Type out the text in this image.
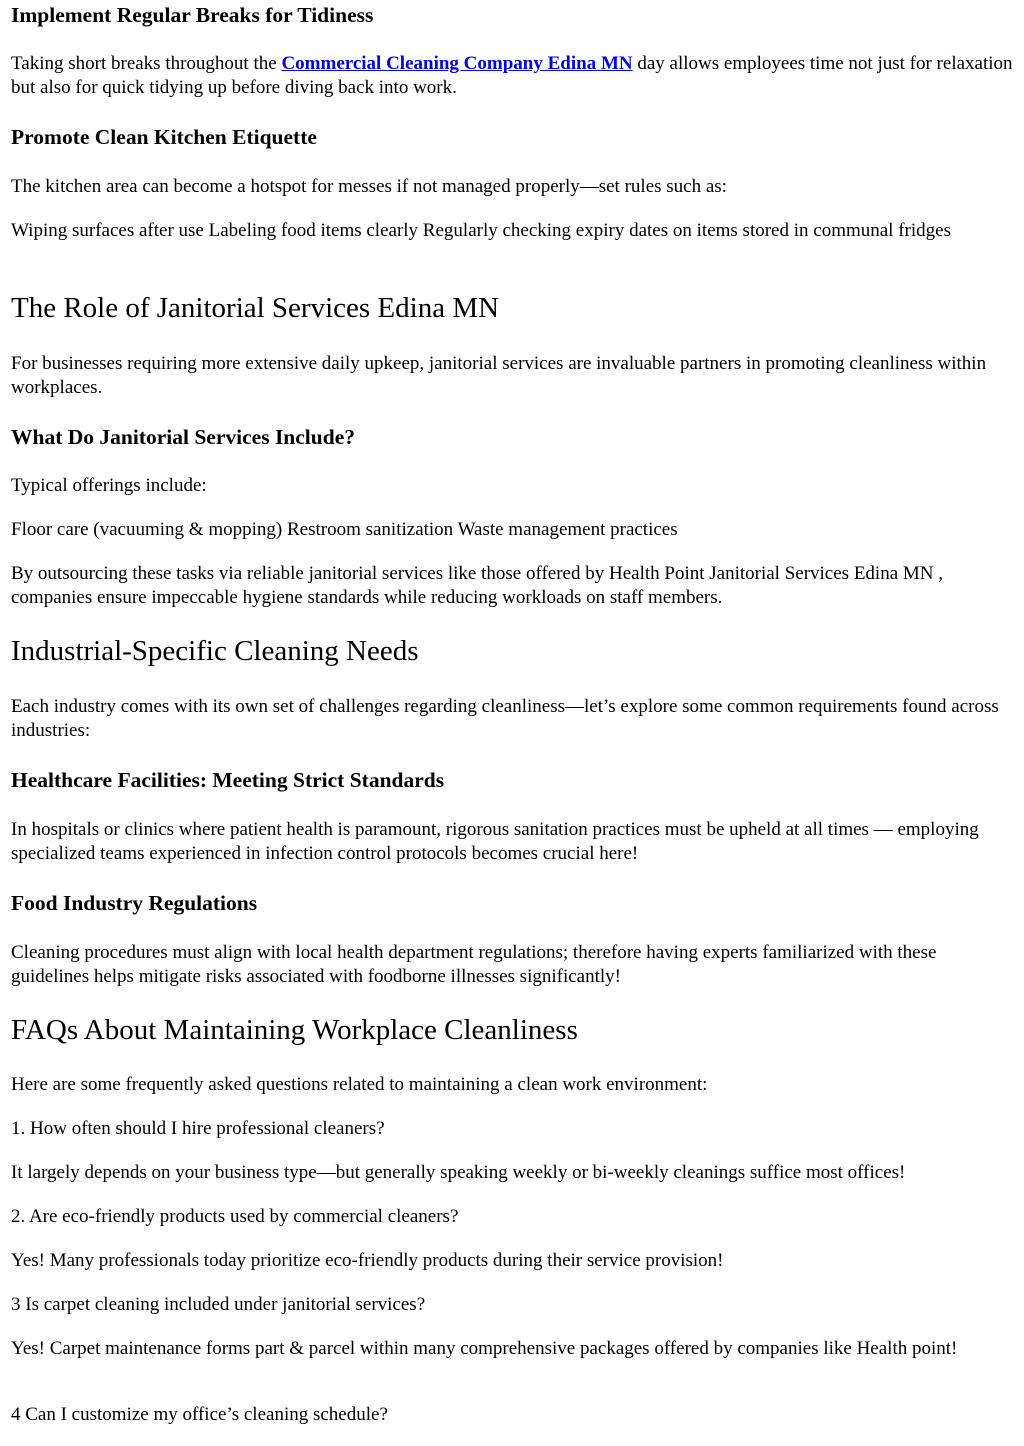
Implement Regular Breaks for Tidiness

Taking short breaks throughout the Commercial Cleaning Company Edina MN day allows employees time not just for relaxation but also for quick tidying up before diving back into work.

Promote Clean Kitchen Etiquette

The kitchen area can become a hotspot for messes if not managed properly—set rules such as:

Wiping surfaces after use Labeling food items clearly Regularly checking expiry dates on items stored in communal fridges

The Role of Janitorial Services Edina MN

For businesses requiring more extensive daily upkeep, janitorial services are invaluable partners in promoting cleanliness within workplaces.

What Do Janitorial Services Include?

Typical offerings include:

Floor care (vacuuming & mopping) Restroom sanitization Waste management practices

By outsourcing these tasks via reliable janitorial services like those offered by Health Point Janitorial Services Edina MN , companies ensure impeccable hygiene standards while reducing workloads on staff members.

Industrial-Specific Cleaning Needs

Each industry comes with its own set of challenges regarding cleanliness—let’s explore some common requirements found across industries:

Healthcare Facilities: Meeting Strict Standards

In hospitals or clinics where patient health is paramount, rigorous sanitation practices must be upheld at all times — employing specialized teams experienced in infection control protocols becomes crucial here!

Food Industry Regulations

Cleaning procedures must align with local health department regulations; therefore having experts familiarized with these guidelines helps mitigate risks associated with foodborne illnesses significantly!

FAQs About Maintaining Workplace Cleanliness

Here are some frequently asked questions related to maintaining a clean work environment:

1. How often should I hire professional cleaners?

It largely depends on your business type—but generally speaking weekly or bi-weekly cleanings suffice most offices!

2. Are eco-friendly products used by commercial cleaners?

Yes! Many professionals today prioritize eco-friendly products during their service provision!

3 Is carpet cleaning included under janitorial services?

Yes! Carpet maintenance forms part & parcel within many comprehensive packages offered by companies like Health point!

4 Can I customize my office’s cleaning schedule?
